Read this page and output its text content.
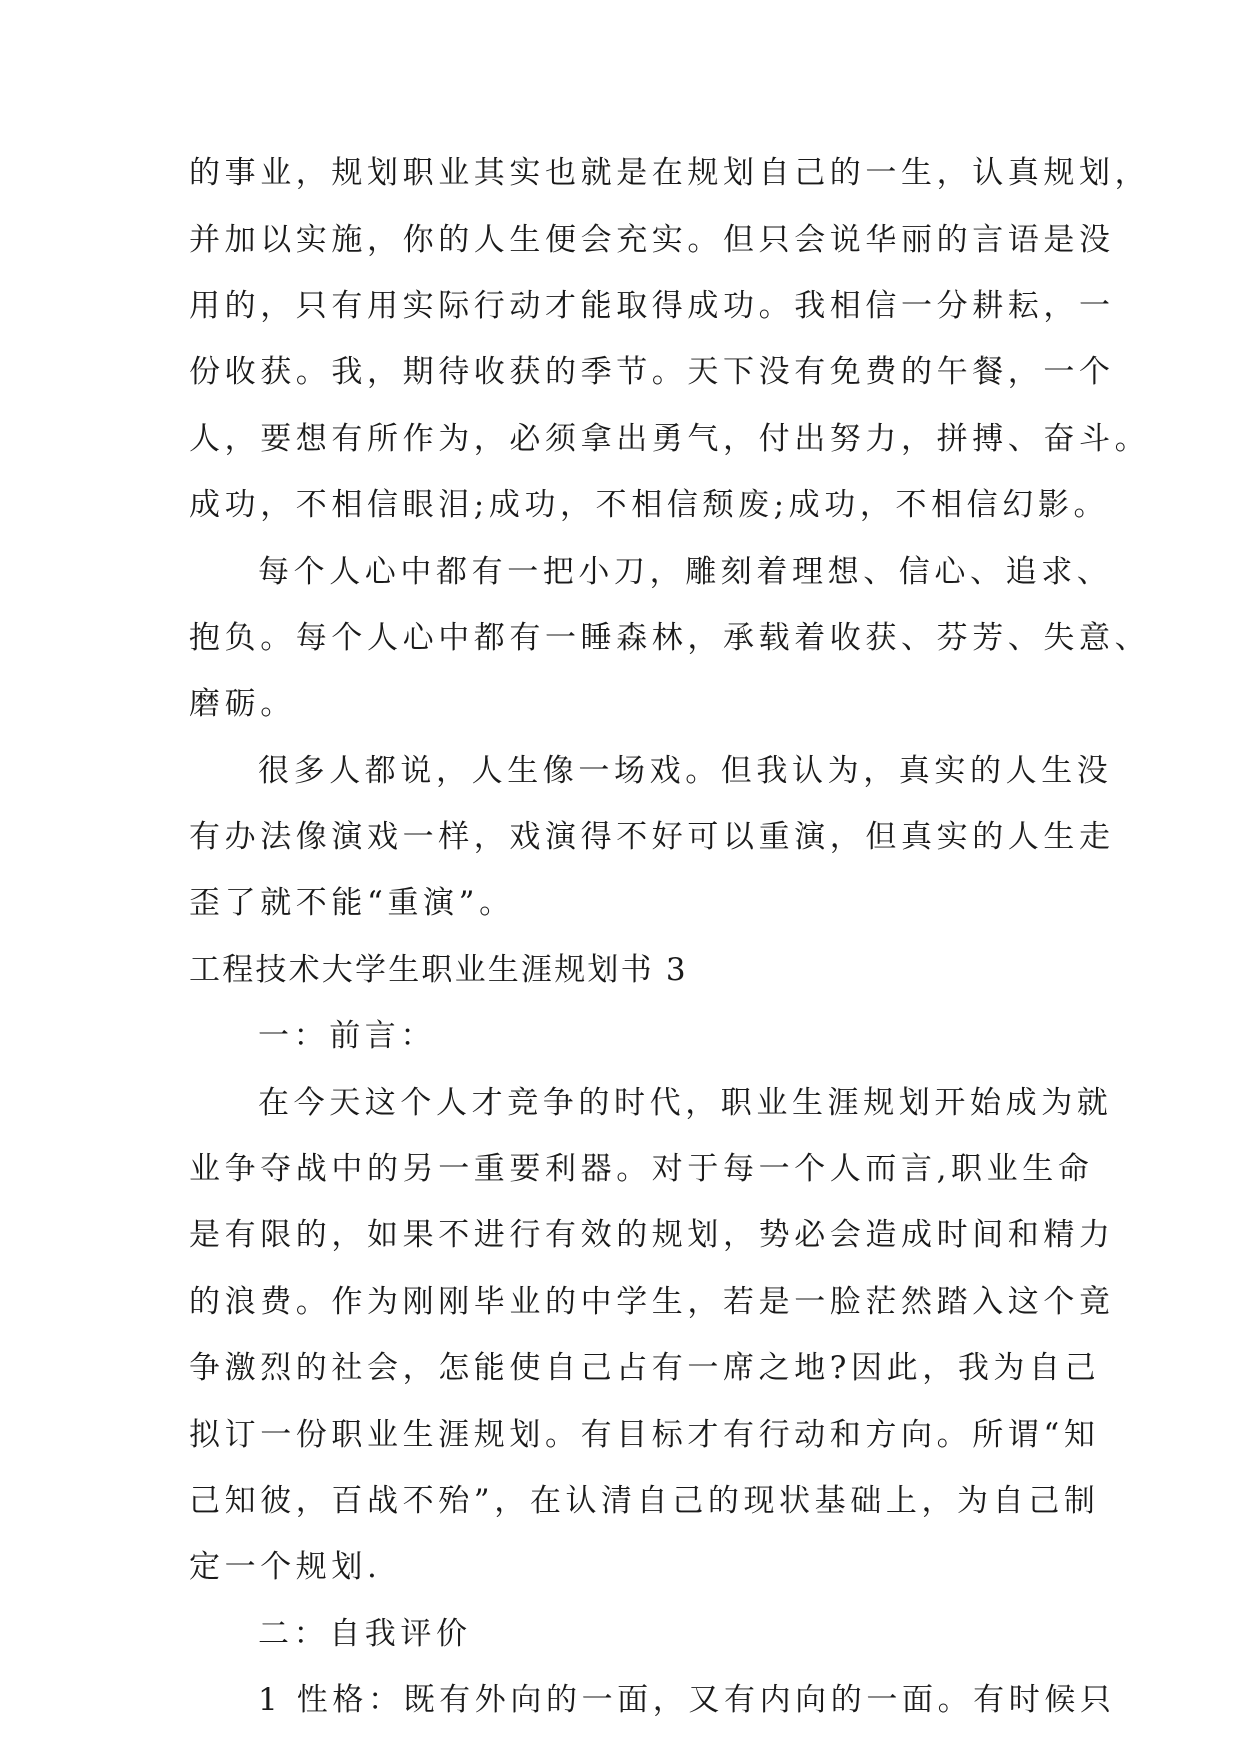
的事业，规划职业其实也就是在规划自己的一生，认真规划，

并加以实施，你的人生便会充实。但只会说华丽的言语是没

用的，只有用实际行动才能取得成功。我相信一分耕耘，一

份收获。我，期待收获的季节。天下没有免费的午餐，一个

人，要想有所作为，必须拿出勇气，付出努力，拼搏、奋斗。

成功，不相信眼泪;成功，不相信颓废;成功，不相信幻影。

每个人心中都有一把小刀，雕刻着理想、信心、追求、

抱负。每个人心中都有一睡森林，承载着收获、芬芳、失意、

磨砺。

很多人都说，人生像一场戏。但我认为，真实的人生没

有办法像演戏一样，戏演得不好可以重演，但真实的人生走

歪了就不能“重演”。

工程技术大学生职业生涯规划书 3

一：前言：

在今天这个人才竞争的时代，职业生涯规划开始成为就

业争夺战中的另一重要利器。对于每一个人而言,职业生命

是有限的，如果不进行有效的规划，势必会造成时间和精力

的浪费。作为刚刚毕业的中学生，若是一脸茫然踏入这个竟

争激烈的社会，怎能使自己占有一席之地?因此，我为自己

拟订一份职业生涯规划。有目标才有行动和方向。所谓“知

己知彼，百战不殆”，在认清自己的现状基础上，为自己制

定一个规划.

二：自我评价

1 性格：既有外向的一面，又有内向的一面。有时候只
